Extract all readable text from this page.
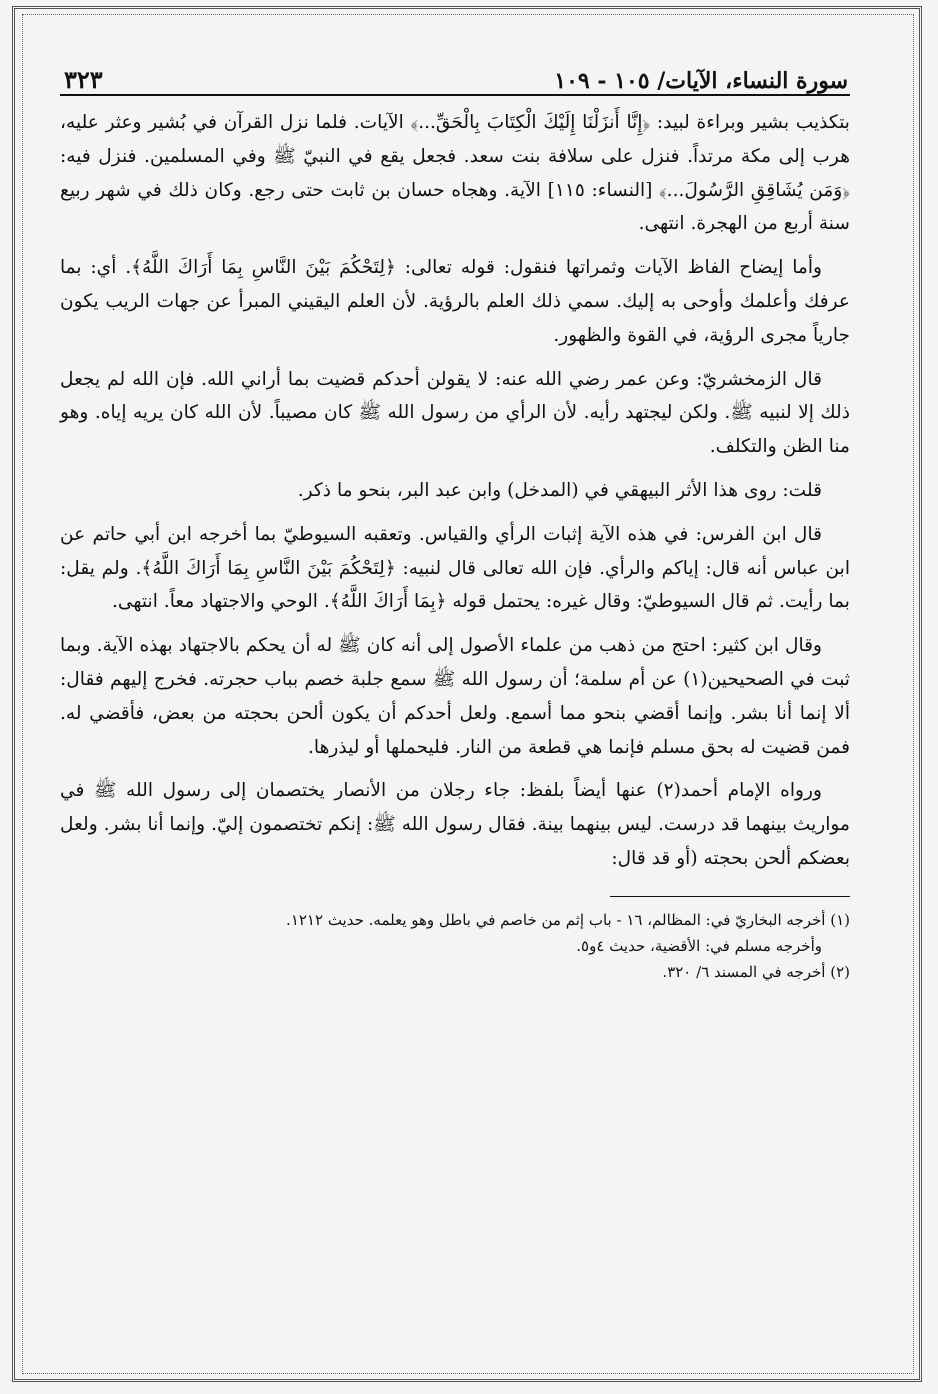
سورة النساء، الآيات/ ١٠٥ - ١٠٩
٣٢٣

بتكذيب بشير وبراءة لبيد: ﴿إِنَّا أَنزَلْنَا إِلَيْكَ الْكِتَابَ بِالْحَقِّ...﴾ الآيات. فلما نزل القرآن في بُشير وعثر عليه، هرب إلى مكة مرتداً. فنزل على سلافة بنت سعد. فجعل يقع في النبيّ ﷺ وفي المسلمين. فنزل فيه: ﴿وَمَن يُشَاقِقِ الرَّسُولَ...﴾ [النساء: ١١٥] الآية. وهجاه حسان بن ثابت حتى رجع. وكان ذلك في شهر ربيع سنة أربع من الهجرة. انتهى.

وأما إيضاح الفاظ الآيات وثمراتها فنقول: قوله تعالى: ﴿لِتَحْكُمَ بَيْنَ النَّاسِ بِمَا أَرَاكَ اللَّهُ﴾. أي: بما عرفك وأعلمك وأوحى به إليك. سمي ذلك العلم بالرؤية. لأن العلم اليقيني المبرأ عن جهات الريب يكون جارياً مجرى الرؤية، في القوة والظهور.

قال الزمخشريّ: وعن عمر رضي الله عنه: لا يقولن أحدكم قضيت بما أراني الله. فإن الله لم يجعل ذلك إلا لنبيه ﷺ. ولكن ليجتهد رأيه. لأن الرأي من رسول الله ﷺ كان مصيباً. لأن الله كان يريه إياه. وهو منا الظن والتكلف.

قلت: روى هذا الأثر البيهقي في (المدخل) وابن عبد البر، بنحو ما ذكر.

قال ابن الفرس: في هذه الآية إثبات الرأي والقياس. وتعقبه السيوطيّ بما أخرجه ابن أبي حاتم عن ابن عباس أنه قال: إياكم والرأي. فإن الله تعالى قال لنبيه: ﴿لِتَحْكُمَ بَيْنَ النَّاسِ بِمَا أَرَاكَ اللَّهُ﴾. ولم يقل: بما رأيت. ثم قال السيوطيّ: وقال غيره: يحتمل قوله ﴿بِمَا أَرَاكَ اللَّهُ﴾. الوحي والاجتهاد معاً. انتهى.

وقال ابن كثير: احتج من ذهب من علماء الأصول إلى أنه كان ﷺ له أن يحكم بالاجتهاد بهذه الآية. وبما ثبت في الصحيحين(١) عن أم سلمة؛ أن رسول الله ﷺ سمع جلبة خصم بباب حجرته. فخرج إليهم فقال: ألا إنما أنا بشر. وإنما أقضي بنحو مما أسمع. ولعل أحدكم أن يكون ألحن بحجته من بعض، فأقضي له. فمن قضيت له بحق مسلم فإنما هي قطعة من النار. فليحملها أو ليذرها.

ورواه الإمام أحمد(٢) عنها أيضاً بلفظ: جاء رجلان من الأنصار يختصمان إلى رسول الله ﷺ في مواريث بينهما قد درست. ليس بينهما بينة. فقال رسول الله ﷺ: إنكم تختصمون إليّ. وإنما أنا بشر. ولعل بعضكم ألحن بحجته (أو قد قال:

(١) أخرجه البخاريّ في: المظالم، ١٦ - باب إثم من خاصم في باطل وهو يعلمه. حديث ١٢١٢.
وأخرجه مسلم في: الأقضية، حديث ٤و٥.
(٢) أخرجه في المسند ٦/ ٣٢٠.
